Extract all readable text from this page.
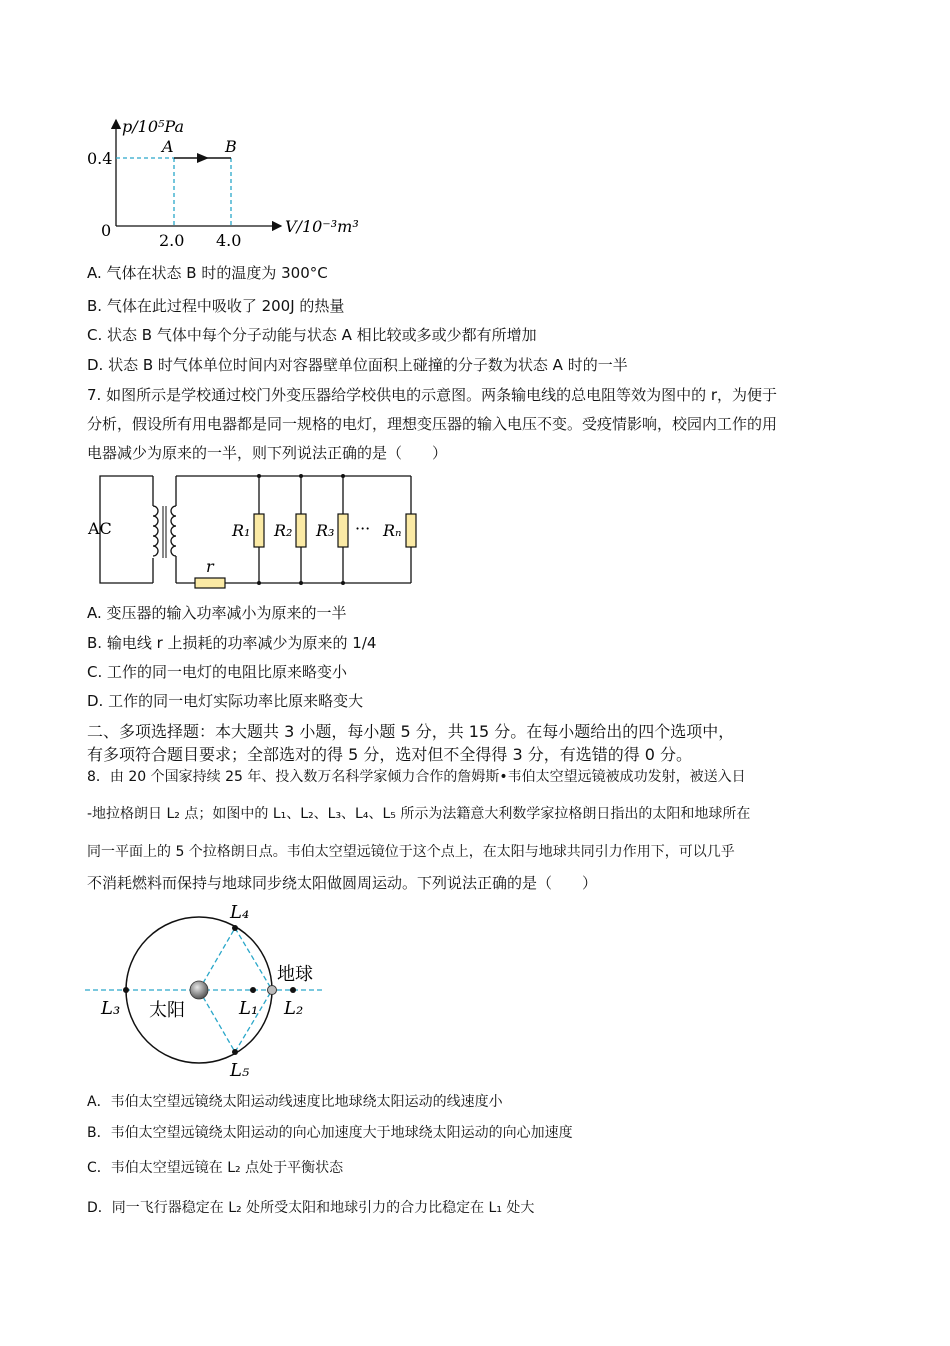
p/10⁵Pa
V/10⁻³m³
0
0.4
2.0 4.0
A	B
A. 气体在状态 B 时的温度为 300°C
B. 气体在此过程中吸收了 200J 的热量
C. 状态 B 气体中每个分子动能与状态 A 相比较或多或少都有所增加
D. 状态 B 时气体单位时间内对容器壁单位面积上碰撞的分子数为状态 A 时的一半
7. 如图所示是学校通过校门外变压器给学校供电的示意图。两条输电线的总电阻等效为图中的 r，为便于
分析，假设所有用电器都是同一规格的电灯，理想变压器的输入电压不变。受疫情影响，校园内工作的用
电器减少为原来的一半，则下列说法正确的是（　　）
AC
r
R₁ R₂ R₃ ··· Rₙ
A. 变压器的输入功率减小为原来的一半
B. 输电线 r 上损耗的功率减少为原来的 1/4
C. 工作的同一电灯的电阻比原来略变小
D. 工作的同一电灯实际功率比原来略变大
二、多项选择题：本大题共 3 小题，每小题 5 分，共 15 分。在每小题给出的四个选项中，
有多项符合题目要求；全部选对的得 5 分，选对但不全得得 3 分，有选错的得 0 分。
8．由 20 个国家持续 25 年、投入数万名科学家倾力合作的詹姆斯•韦伯太空望远镜被成功发射，被送入日
-地拉格朗日 L₂ 点；如图中的 L₁、L₂、L₃、L₄、L₅ 所示为法籍意大利数学家拉格朗日指出的太阳和地球所在
同一平面上的 5 个拉格朗日点。韦伯太空望远镜位于这个点上，在太阳与地球共同引力作用下，可以几乎
不消耗燃料而保持与地球同步绕太阳做圆周运动。下列说法正确的是（　　）
太阳
地球
L₁ L₂
L₃
L₄
L₅
A．韦伯太空望远镜绕太阳运动线速度比地球绕太阳运动的线速度小
B．韦伯太空望远镜绕太阳运动的向心加速度大于地球绕太阳运动的向心加速度
C．韦伯太空望远镜在 L₂ 点处于平衡状态
D．同一飞行器稳定在 L₂ 处所受太阳和地球引力的合力比稳定在 L₁ 处大
